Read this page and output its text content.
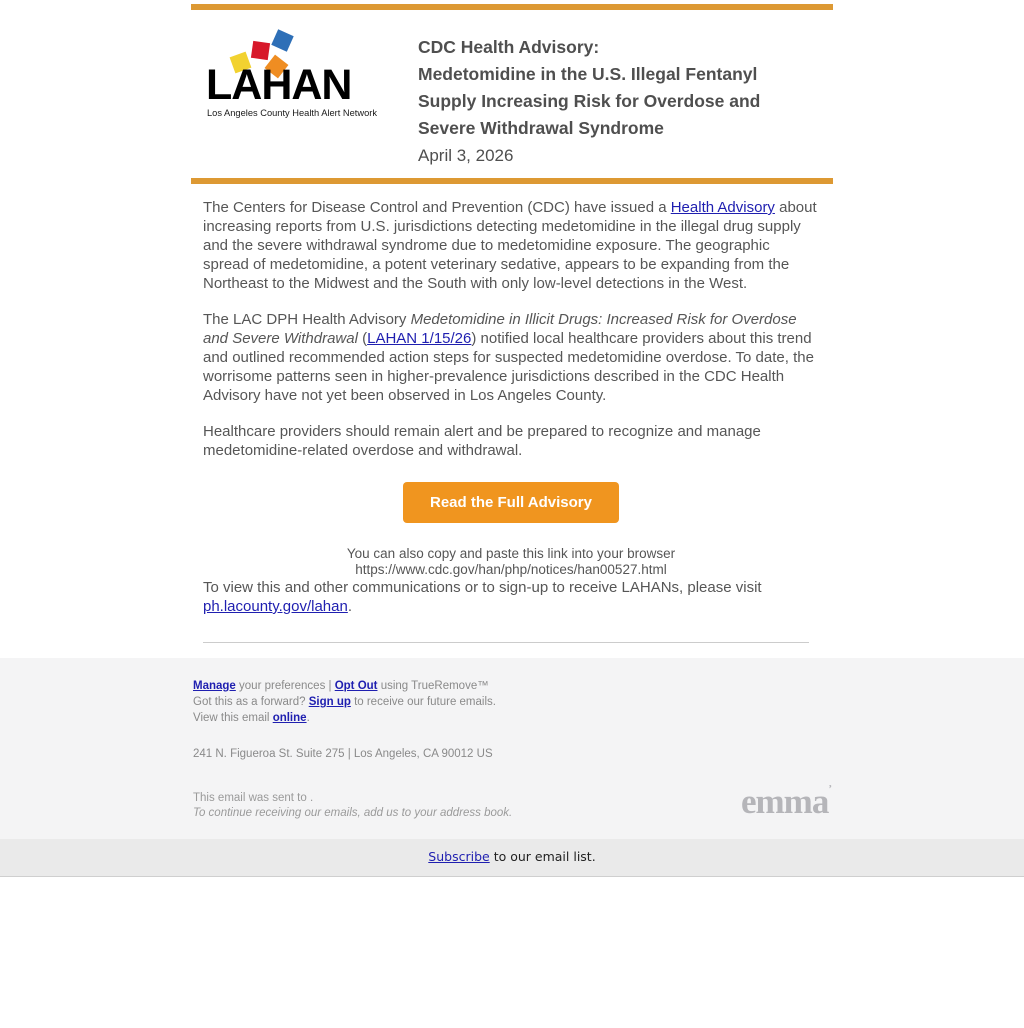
LAHAN
Los Angeles County Health Alert Network
CDC Health Advisory:
Medetomidine in the U.S. Illegal Fentanyl
Supply Increasing Risk for Overdose and
Severe Withdrawal Syndrome
April 3, 2026

The Centers for Disease Control and Prevention (CDC) have issued a Health Advisory about increasing reports from U.S. jurisdictions detecting medetomidine in the illegal drug supply and the severe withdrawal syndrome due to medetomidine exposure. The geographic spread of medetomidine, a potent veterinary sedative, appears to be expanding from the Northeast to the Midwest and the South with only low-level detections in the West.

The LAC DPH Health Advisory Medetomidine in Illicit Drugs: Increased Risk for Overdose and Severe Withdrawal (LAHAN 1/15/26) notified local healthcare providers about this trend and outlined recommended action steps for suspected medetomidine overdose. To date, the worrisome patterns seen in higher-prevalence jurisdictions described in the CDC Health Advisory have not yet been observed in Los Angeles County.

Healthcare providers should remain alert and be prepared to recognize and manage medetomidine-related overdose and withdrawal.

Read the Full Advisory
You can also copy and paste this link into your browser
https://www.cdc.gov/han/php/notices/han00527.html

To view this and other communications or to sign-up to receive LAHANs, please visit ph.lacounty.gov/lahan.

Manage your preferences | Opt Out using TrueRemove™
Got this as a forward? Sign up to receive our future emails.
View this email online.
241 N. Figueroa St. Suite 275 | Los Angeles, CA 90012 US
This email was sent to .
To continue receiving our emails, add us to your address book.	emma’
Subscribe to our email list.
